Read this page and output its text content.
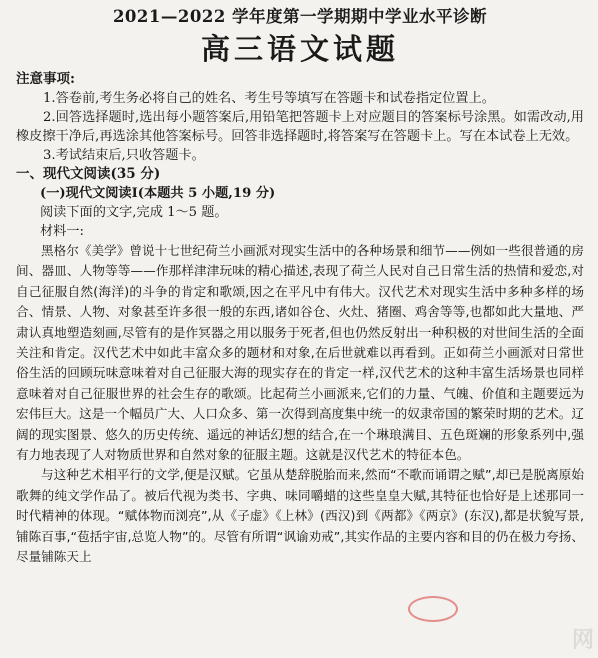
2021—2022 学年度第一学期期中学业水平诊断
高三语文试题
注意事项:

1.答卷前,考生务必将自己的姓名、考生号等填写在答题卡和试卷指定位置上。

2.回答选择题时,选出每小题答案后,用铅笔把答题卡上对应题目的答案标号涂黑。如需改动,用橡皮擦干净后,再选涂其他答案标号。回答非选择题时,将答案写在答题卡上。写在本试卷上无效。

3.考试结束后,只收答题卡。

一、现代文阅读(35 分)
(一)现代文阅读Ⅰ(本题共 5 小题,19 分)
阅读下面的文字,完成 1～5 题。
材料一:

黑格尔《美学》曾说十七世纪荷兰小画派对现实生活中的各种场景和细节——例如一些很普通的房间、器皿、人物等等——作那样津津玩味的精心描述,表现了荷兰人民对自己日常生活的热情和爱恋,对自己征服自然(海洋)的斗争的肯定和歌颂,因之在平凡中有伟大。汉代艺术对现实生活中多种多样的场合、情景、人物、对象甚至许多很一般的东西,诸如谷仓、火灶、猪圈、鸡舍等等,也都如此大量地、严肃认真地塑造刻画,尽管有的是作冥器之用以服务于死者,但也仍然反射出一种积极的对世间生活的全面关注和肯定。汉代艺术中如此丰富众多的题材和对象,在后世就难以再看到。正如荷兰小画派对日常世俗生活的回顾玩味意味着对自己征服大海的现实存在的肯定一样,汉代艺术的这种丰富生活场景也同样意味着对自己征服世界的社会生存的歌颂。比起荷兰小画派来,它们的力量、气魄、价值和主题要远为宏伟巨大。这是一个幅员广大、人口众多、第一次得到高度集中统一的奴隶帝国的繁荣时期的艺术。辽阔的现实图景、悠久的历史传统、遥远的神话幻想的结合,在一个琳琅满目、五色斑斓的形象系列中,强有力地表现了人对物质世界和自然对象的征服主题。这就是汉代艺术的特征本色。

与这种艺术相平行的文学,便是汉赋。它虽从楚辞脱胎而来,然而“不歌而诵谓之赋”,却已是脱离原始歌舞的纯文学作品了。被后代视为类书、字典、味同嚼蜡的这些皇皇大赋,其特征也恰好是上述那同一时代精神的体现。“赋体物而浏亮”,从《子虚》《上林》(西汉)到《两都》《两京》(东汉),都是状貌写景,铺陈百事,“苞括宇宙,总览人物”的。尽管有所谓“讽谕劝戒”,其实作品的主要内容和目的仍在极力夸扬、尽量铺陈天上

网
